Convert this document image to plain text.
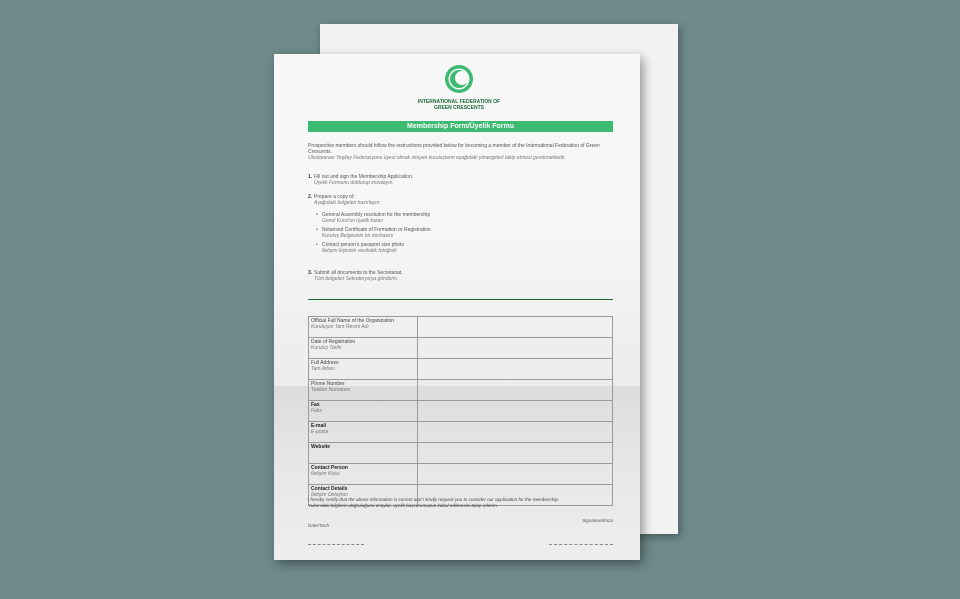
INTERNATIONAL FEDERATION OF
GREEN CRESCENTS
Membership Form/Üyelik Formu
Prospective members should follow the instructions provided below for becoming a member of the International Federation of Green Crescents.
Uluslararası Yeşilay Federasyonu üyesi olmak isteyen kuruluşların aşağıdaki yönergeleri takip etmesi gerekmektedir.
1. Fill out and sign the Membership Application.
Üyelik Formunu doldurup imzalayın.
2. Prepare a copy of:
Aşağıdaki belgeleri hazırlayın:
• General Assembly resolution for the membership
Genel Kurul'un üyelik kararı
• Notarised Certificate of Formation or Registration
Kuruluş Belgesinin bir nüshasını
• Contact person's passport size photo
İletişim kişisinin vesikalık fotoğrafı
3. Submit all documents to the Secretariat.
Tüm belgeleri Sekreterya'ya gönderin.
Official Full Name of the Organization
Kuruluşun Tam Resmi Adı	

Date of Registration
Kuruluş Tarihi	

Full Address
Tam Adres	

Phone Number
Telefon Numarası	

Fax
Faks	

E-mail
E-posta	

Website	
Contact Person
İletişim Kişisi	

Contact Details
İletişim Detayları	

I hereby certify that the above information is correct and I kindly request you to consider our application for the membership.
Yukarıdaki bilgilerin doğruluğunu onaylar, üyelik başvurumuzun kabul edilmesini talep ederim.
Signature/İmza
Date/Tarih
